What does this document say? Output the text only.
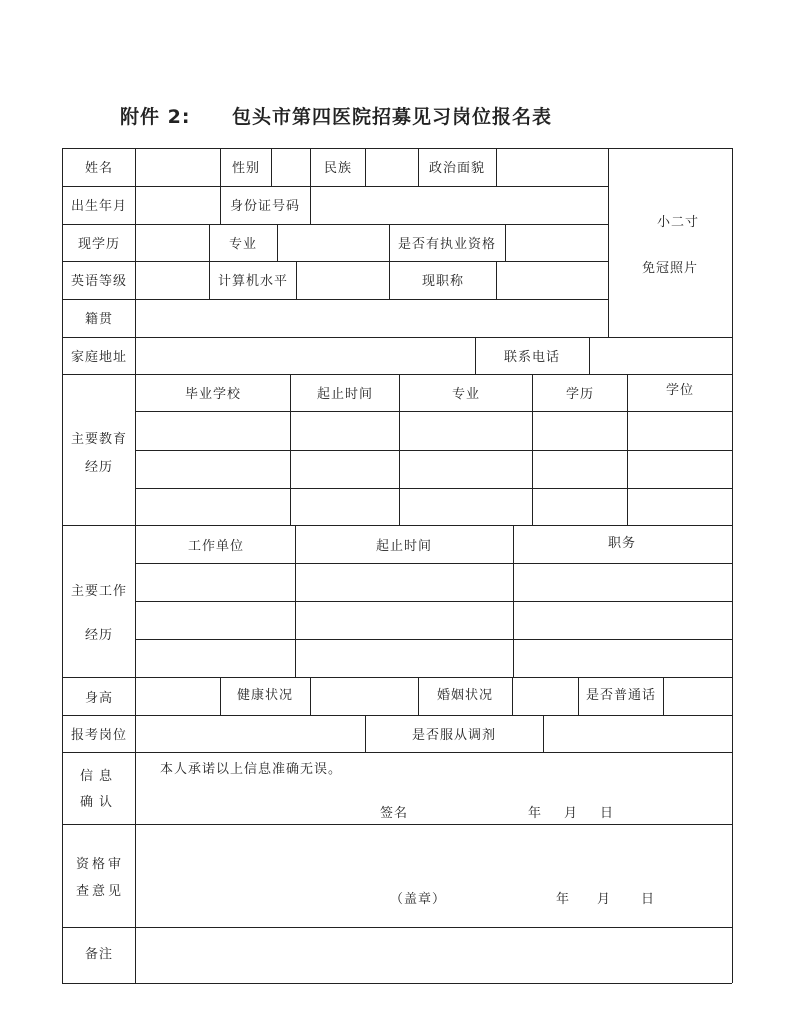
附件 2: 包头市第四医院招募见习岗位报名表
姓名	性别	民族	政治面貌
小二寸
免冠照片
出生年月	身份证号码
现学历	专业	是否有执业资格
英语等级	计算机水平	现职称
籍贯
家庭地址	联系电话
主要教育经历
毕业学校	起止时间	专业	学历	学位
主要工作经历
工作单位	起止时间	职务
身高	健康状况	婚姻状况	是否普通话
报考岗位	是否服从调剂
信息确认
本人承诺以上信息准确无误。
签名	年 月 日
资格审查意见
（盖章）	年 月 日
备注
